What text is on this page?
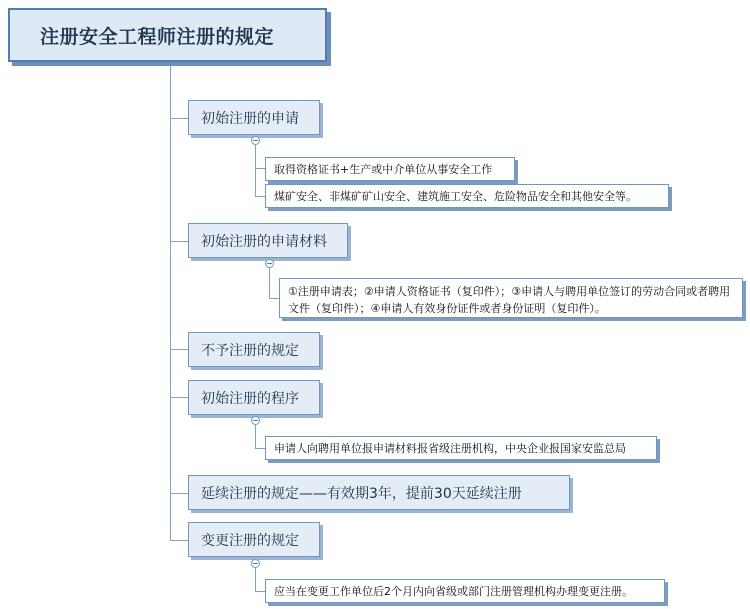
注册安全工程师注册的规定
初始注册的申请
取得资格证书+生产或中介单位从事安全工作
煤矿安全、非煤矿矿山安全、建筑施工安全、危险物品安全和其他安全等。
初始注册的申请材料
①注册申请表；②申请人资格证书（复印件）；③申请人与聘用单位签订的劳动合同或者聘用文件（复印件）；④申请人有效身份证件或者身份证明（复印件）。
不予注册的规定
初始注册的程序
申请人向聘用单位报申请材料报省级注册机构，中央企业报国家安监总局
延续注册的规定——有效期3年，提前30天延续注册
变更注册的规定
应当在变更工作单位后2个月内向省级或部门注册管理机构办理变更注册。
